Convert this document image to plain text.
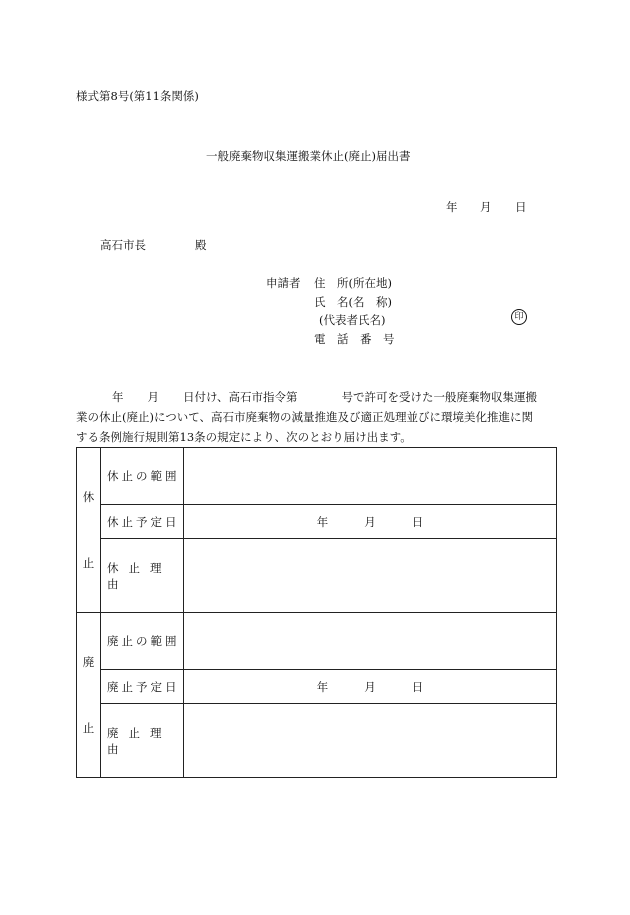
様式第8号(第11条関係)
一般廃棄物収集運搬業休止(廃止)届出書
年 月 日
高石市長	殿
申請者 住　所(所在地)
氏　名(名　称)
(代表者氏名)	印
電　話　番　号
年 月 日付け、高石市指令第	号で許可を受けた一般廃棄物収集運搬
業の休止(廃止)について、高石市廃棄物の減量推進及び適正処理並びに環境美化推進に関
する条例施行規則第13条の規定により、次のとおり届け出ます。
休
止	休止の範囲	
	休止予定日	年 月 日

	休止理由	

廃
止	廃止の範囲	
	廃止予定日	年 月 日

	廃止理由	
